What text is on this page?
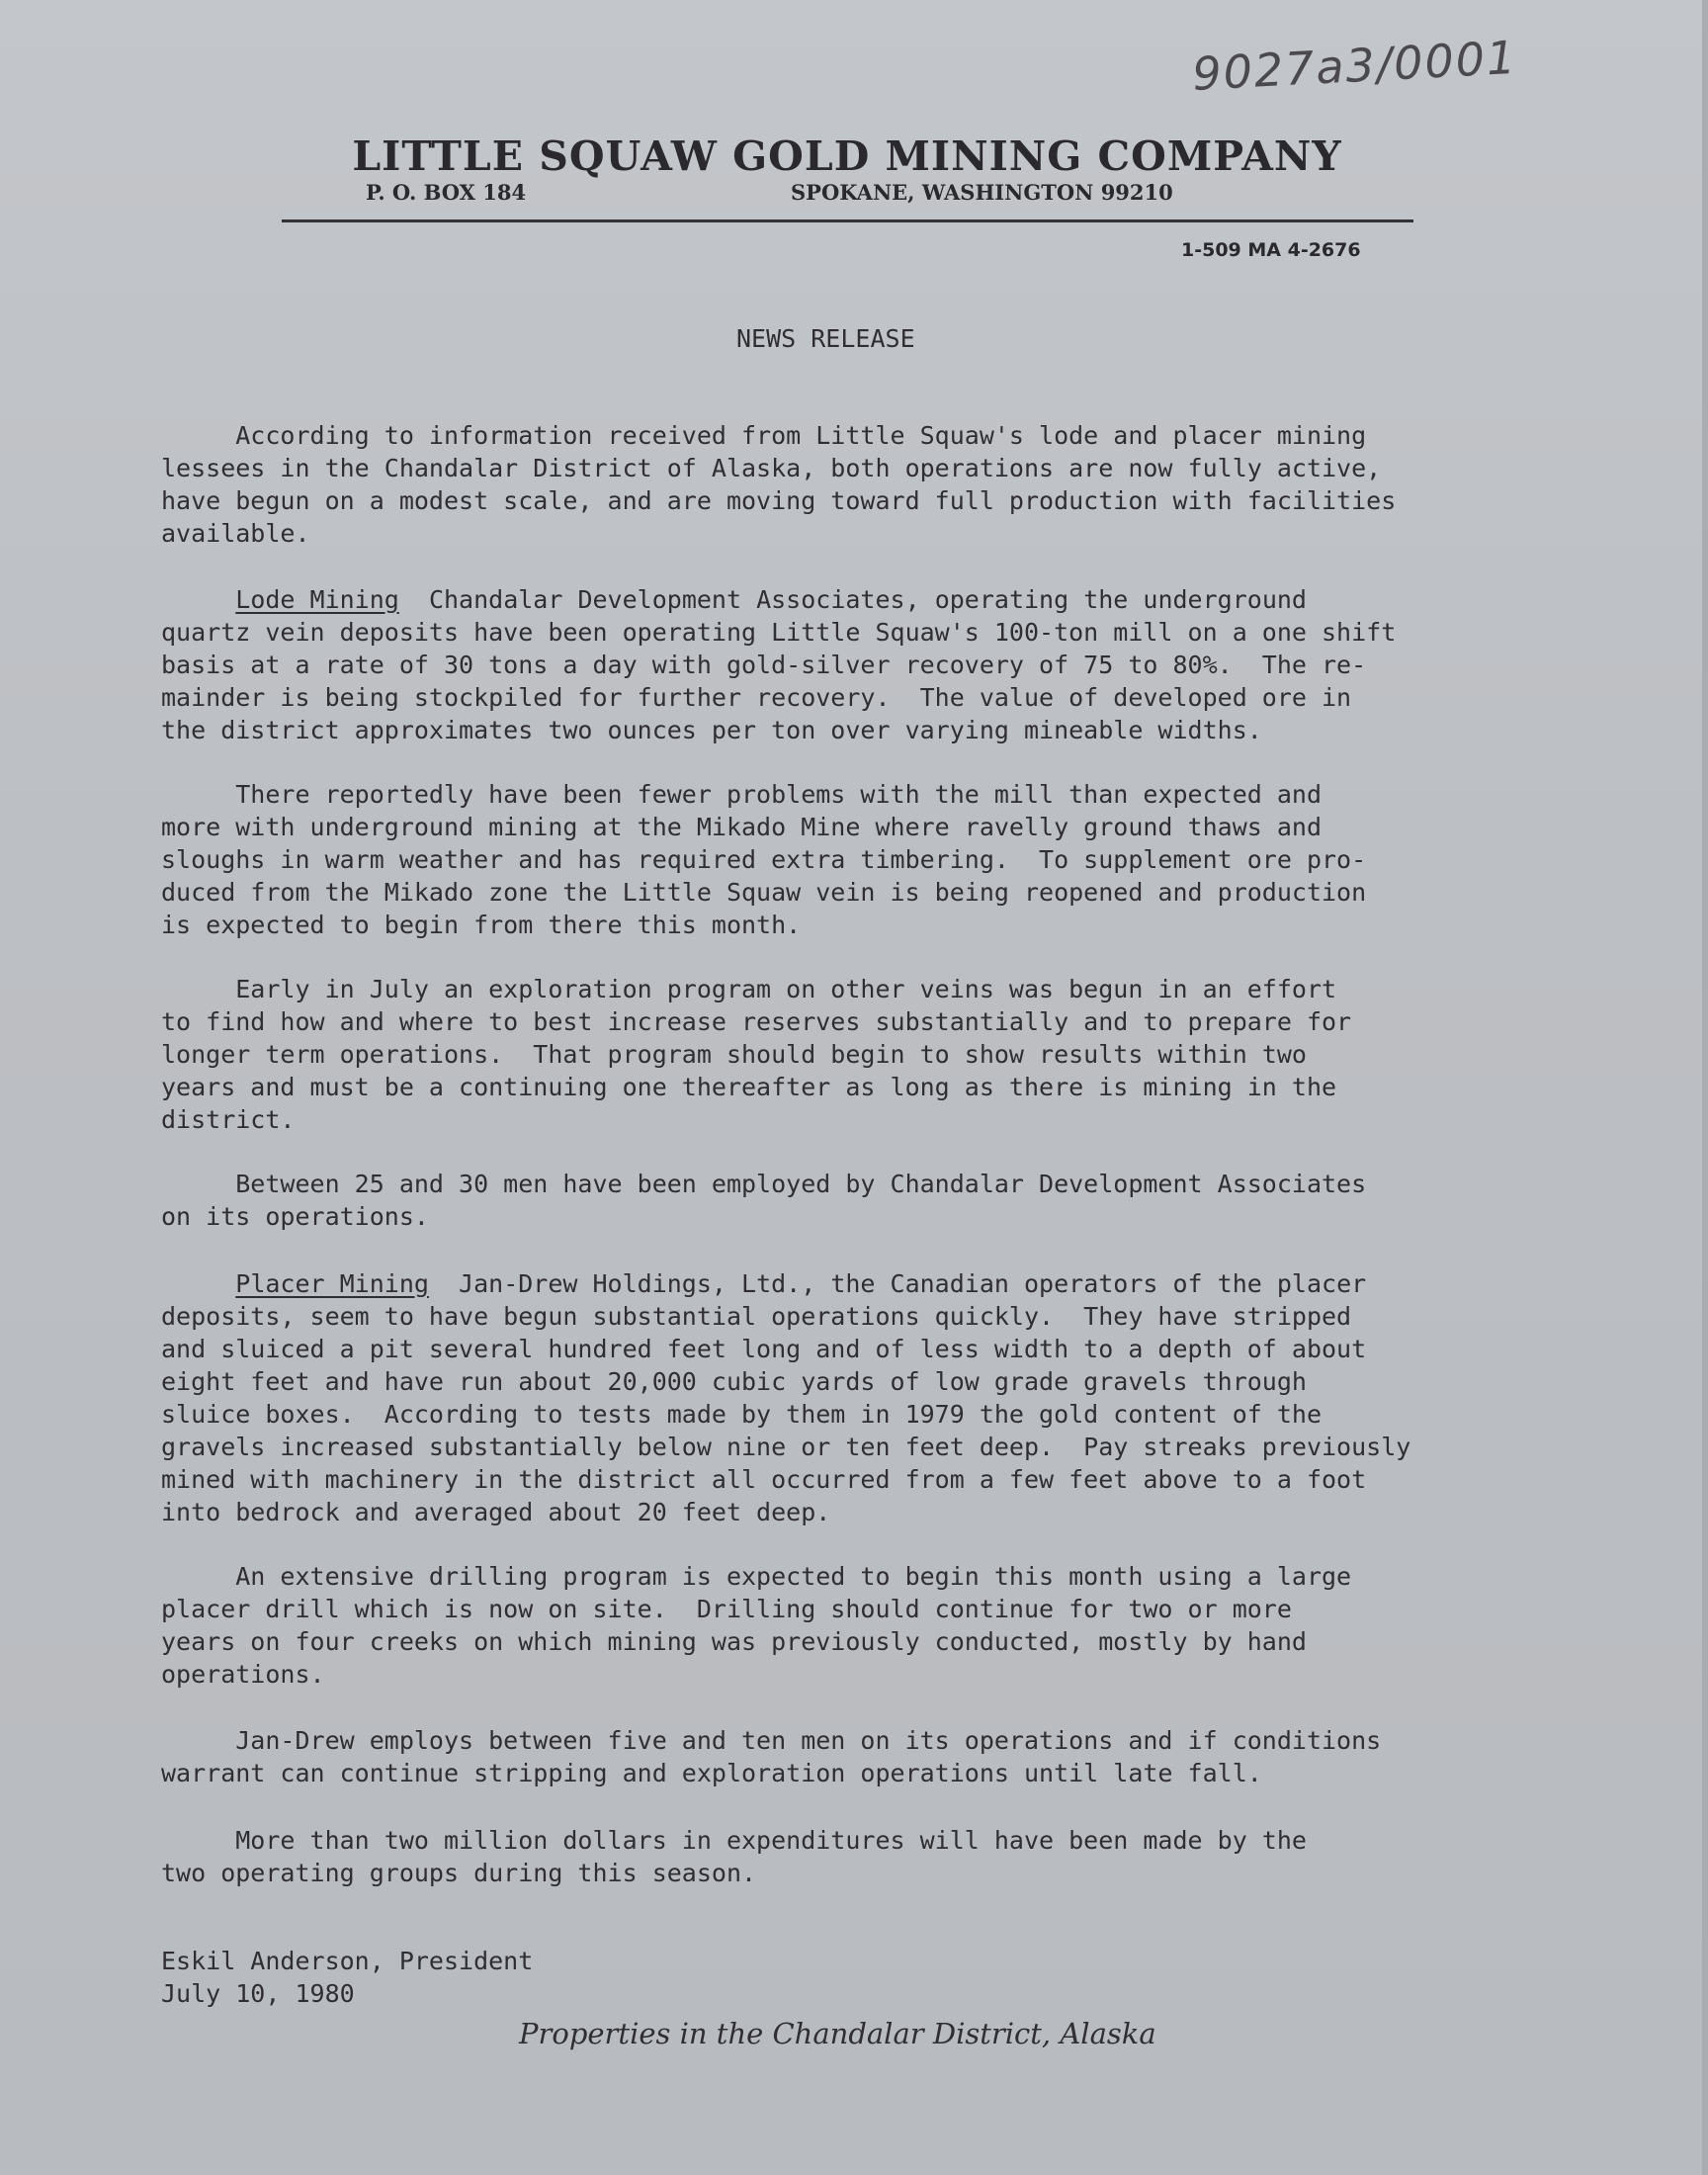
9027a3/0001
LITTLE SQUAW GOLD MINING COMPANY
P. O. BOX 184	SPOKANE, WASHINGTON 99210
1-509 MA 4-2676
NEWS RELEASE
According to information received from Little Squaw's lode and placer mining
lessees in the Chandalar District of Alaska, both operations are now fully active,
have begun on a modest scale, and are moving toward full production with facilities
available.
Lode Mining  Chandalar Development Associates, operating the underground
quartz vein deposits have been operating Little Squaw's 100-ton mill on a one shift
basis at a rate of 30 tons a day with gold-silver recovery of 75 to 80%.  The re-
mainder is being stockpiled for further recovery.  The value of developed ore in
the district approximates two ounces per ton over varying mineable widths.
There reportedly have been fewer problems with the mill than expected and
more with underground mining at the Mikado Mine where ravelly ground thaws and
sloughs in warm weather and has required extra timbering.  To supplement ore pro-
duced from the Mikado zone the Little Squaw vein is being reopened and production
is expected to begin from there this month.
Early in July an exploration program on other veins was begun in an effort
to find how and where to best increase reserves substantially and to prepare for
longer term operations.  That program should begin to show results within two
years and must be a continuing one thereafter as long as there is mining in the
district.
Between 25 and 30 men have been employed by Chandalar Development Associates
on its operations.
Placer Mining  Jan-Drew Holdings, Ltd., the Canadian operators of the placer
deposits, seem to have begun substantial operations quickly.  They have stripped
and sluiced a pit several hundred feet long and of less width to a depth of about
eight feet and have run about 20,000 cubic yards of low grade gravels through
sluice boxes.  According to tests made by them in 1979 the gold content of the
gravels increased substantially below nine or ten feet deep.  Pay streaks previously
mined with machinery in the district all occurred from a few feet above to a foot
into bedrock and averaged about 20 feet deep.
An extensive drilling program is expected to begin this month using a large
placer drill which is now on site.  Drilling should continue for two or more
years on four creeks on which mining was previously conducted, mostly by hand
operations.
Jan-Drew employs between five and ten men on its operations and if conditions
warrant can continue stripping and exploration operations until late fall.
More than two million dollars in expenditures will have been made by the
two operating groups during this season.
Eskil Anderson, President
July 10, 1980
Properties in the Chandalar District, Alaska
